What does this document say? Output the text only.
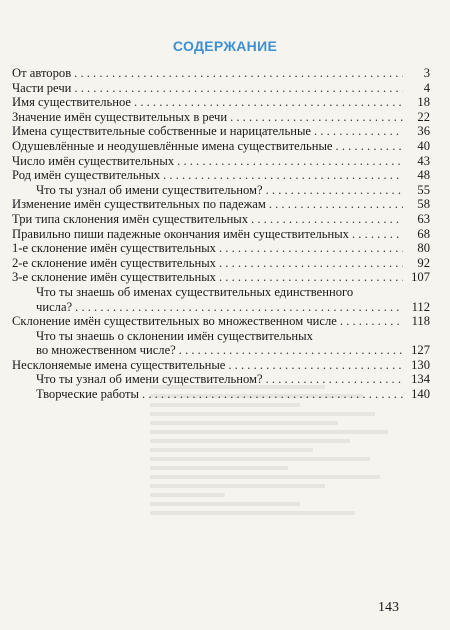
СОДЕРЖАНИЕ
От авторов . . .	3
Части речи . . .	4
Имя существительное . . .	18
Значение имён существительных в речи . . .	22
Имена существительные собственные и нарицательные . . .	36
Одушевлённые и неодушевлённые имена существительные . . .	40
Число имён существительных . . .	43
Род имён существительных . . .	48
Что ты узнал об имени существительном? . . .	55
Изменение имён существительных по падежам . . .	58
Три типа склонения имён существительных . . .	63
Правильно пиши падежные окончания имён существительных . . .	68
1-е склонение имён существительных . . .	80
2-е склонение имён существительных . . .	92
3-е склонение имён существительных . . .	107
Что ты знаешь об именах существительных единственного
числа? . . .	112
Склонение имён существительных во множественном числе . . .	118
Что ты знаешь о склонении имён существительных
во множественном числе? . . .	127
Несклоняемые имена существительные . . .	130
Что ты узнал об имени существительном? . . .	134
Творческие работы . . .	140
143
